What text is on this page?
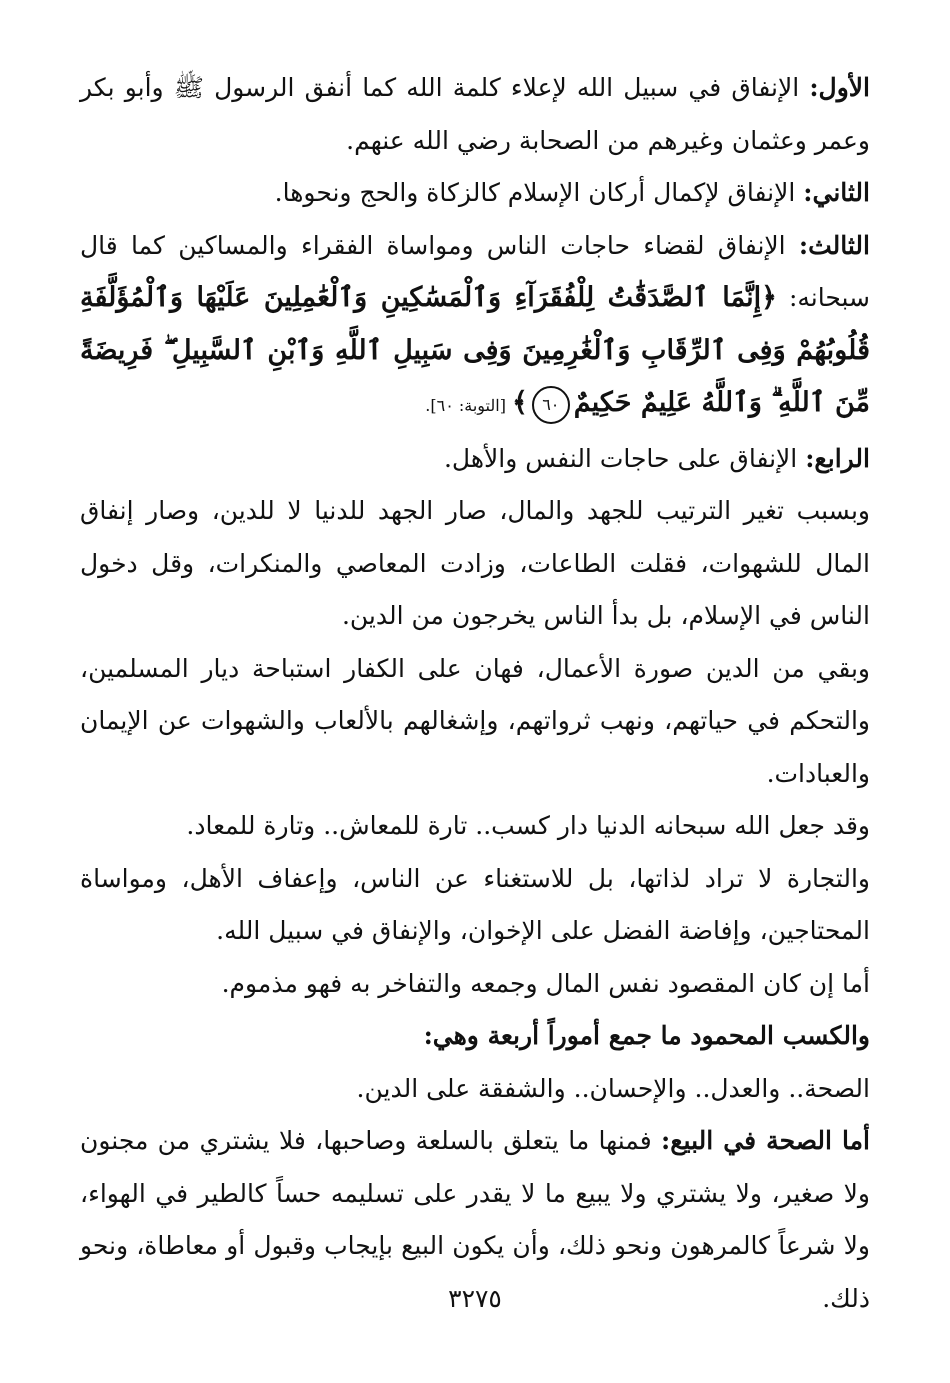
الأول: الإنفاق في سبيل الله لإعلاء كلمة الله كما أنفق الرسول ﷺ وأبو بكر وعمر وعثمان وغيرهم من الصحابة رضي الله عنهم.

الثاني: الإنفاق لإكمال أركان الإسلام كالزكاة والحج ونحوها.

الثالث: الإنفاق لقضاء حاجات الناس ومواساة الفقراء والمساكين كما قال سبحانه: ﴿إِنَّمَا ٱلصَّدَقَٰتُ لِلْفُقَرَآءِ وَٱلْمَسَٰكِينِ وَٱلْعَٰمِلِينَ عَلَيْهَا وَٱلْمُؤَلَّفَةِ قُلُوبُهُمْ وَفِى ٱلرِّقَابِ وَٱلْغَٰرِمِينَ وَفِى سَبِيلِ ٱللَّهِ وَٱبْنِ ٱلسَّبِيلِ ۖ فَرِيضَةً مِّنَ ٱللَّهِ ۗ وَٱللَّهُ عَلِيمٌ حَكِيمٌ٦٠﴾[التوبة: ٦٠].

الرابع: الإنفاق على حاجات النفس والأهل.

وبسبب تغير الترتيب للجهد والمال، صار الجهد للدنيا لا للدين، وصار إنفاق المال للشهوات، فقلت الطاعات، وزادت المعاصي والمنكرات، وقل دخول الناس في الإسلام، بل بدأ الناس يخرجون من الدين.

وبقي من الدين صورة الأعمال، فهان على الكفار استباحة ديار المسلمين، والتحكم في حياتهم، ونهب ثرواتهم، وإشغالهم بالألعاب والشهوات عن الإيمان والعبادات.

وقد جعل الله سبحانه الدنيا دار كسب.. تارة للمعاش.. وتارة للمعاد.

والتجارة لا تراد لذاتها، بل للاستغناء عن الناس، وإعفاف الأهل، ومواساة المحتاجين، وإفاضة الفضل على الإخوان، والإنفاق في سبيل الله.

أما إن كان المقصود نفس المال وجمعه والتفاخر به فهو مذموم.

والكسب المحمود ما جمع أموراً أربعة وهي:

الصحة.. والعدل.. والإحسان.. والشفقة على الدين.

أما الصحة في البيع: فمنها ما يتعلق بالسلعة وصاحبها، فلا يشتري من مجنون ولا صغير، ولا يشتري ولا يبيع ما لا يقدر على تسليمه حساً كالطير في الهواء، ولا شرعاً كالمرهون ونحو ذلك، وأن يكون البيع بإيجاب وقبول أو معاطاة، ونحو ذلك.

٣٢٧٥
